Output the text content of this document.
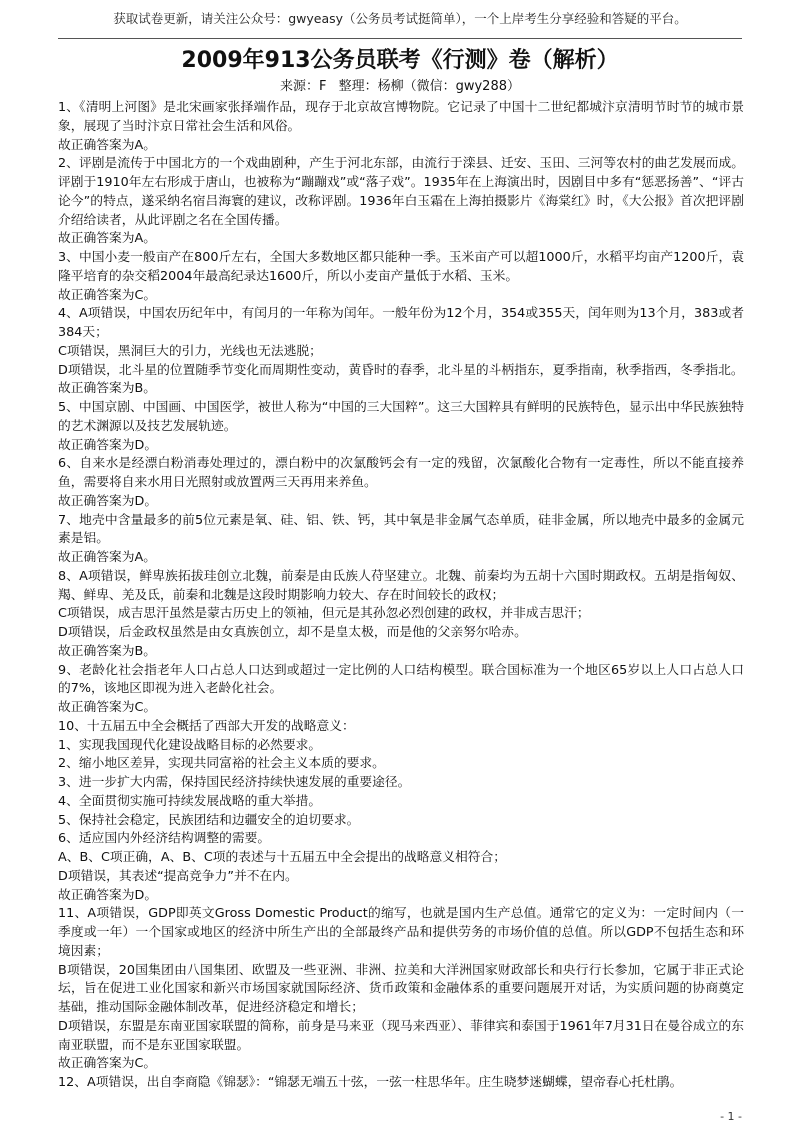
获取试卷更新，请关注公众号：gwyeasy（公务员考试挺简单），一个上岸考生分享经验和答疑的平台。
2009年913公务员联考《行测》卷（解析）
来源：F 整理：杨柳（微信：gwy288）

1、《清明上河图》是北宋画家张择端作品，现存于北京故宫博物院。它记录了中国十二世纪都城汴京清明节时节的城市景象，展现了当时汴京日常社会生活和风俗。

故正确答案为A。

2、评剧是流传于中国北方的一个戏曲剧种，产生于河北东部，由流行于滦县、迁安、玉田、三河等农村的曲艺发展而成。评剧于1910年左右形成于唐山，也被称为“蹦蹦戏”或“落子戏”。1935年在上海演出时，因剧目中多有“惩恶扬善”、“评古论今”的特点，遂采纳名宿吕海寰的建议，改称评剧。1936年白玉霜在上海拍摄影片《海棠红》时，《大公报》首次把评剧介绍给读者，从此评剧之名在全国传播。

故正确答案为A。

3、中国小麦一般亩产在800斤左右，全国大多数地区都只能种一季。玉米亩产可以超1000斤，水稻平均亩产1200斤，袁隆平培育的杂交稻2004年最高纪录达1600斤，所以小麦亩产量低于水稻、玉米。

故正确答案为C。

4、A项错误，中国农历纪年中，有闰月的一年称为闰年。一般年份为12个月，354或355天，闰年则为13个月，383或者384天；

C项错误，黑洞巨大的引力，光线也无法逃脱；

D项错误，北斗星的位置随季节变化而周期性变动，黄昏时的春季，北斗星的斗柄指东，夏季指南，秋季指西，冬季指北。

故正确答案为B。

5、中国京剧、中国画、中国医学，被世人称为“中国的三大国粹”。这三大国粹具有鲜明的民族特色，显示出中华民族独特的艺术渊源以及技艺发展轨迹。

故正确答案为D。

6、自来水是经漂白粉消毒处理过的，漂白粉中的次氯酸钙会有一定的残留，次氯酸化合物有一定毒性，所以不能直接养鱼，需要将自来水用日光照射或放置两三天再用来养鱼。

故正确答案为D。

7、地壳中含量最多的前5位元素是氧、硅、铝、铁、钙，其中氧是非金属气态单质，硅非金属，所以地壳中最多的金属元素是铝。

故正确答案为A。

8、A项错误，鲜卑族拓拔珪创立北魏，前秦是由氐族人苻坚建立。北魏、前秦均为五胡十六国时期政权。五胡是指匈奴、羯、鲜卑、羌及氐，前秦和北魏是这段时期影响力较大、存在时间较长的政权；

C项错误，成吉思汗虽然是蒙古历史上的领袖，但元是其孙忽必烈创建的政权，并非成吉思汗；

D项错误，后金政权虽然是由女真族创立，却不是皇太极，而是他的父亲努尔哈赤。

故正确答案为B。

9、老龄化社会指老年人口占总人口达到或超过一定比例的人口结构模型。联合国标准为一个地区65岁以上人口占总人口的7%，该地区即视为进入老龄化社会。

故正确答案为C。

10、十五届五中全会概括了西部大开发的战略意义：

1、实现我国现代化建设战略目标的必然要求。

2、缩小地区差异，实现共同富裕的社会主义本质的要求。

3、进一步扩大内需，保持国民经济持续快速发展的重要途径。

4、全面贯彻实施可持续发展战略的重大举措。

5、保持社会稳定，民族团结和边疆安全的迫切要求。

6、适应国内外经济结构调整的需要。

A、B、C项正确，A、B、C项的表述与十五届五中全会提出的战略意义相符合；

D项错误，其表述“提高竞争力”并不在内。

故正确答案为D。

11、A项错误，GDP即英文Gross Domestic Product的缩写，也就是国内生产总值。通常它的定义为：一定时间内（一季度或一年）一个国家或地区的经济中所生产出的全部最终产品和提供劳务的市场价值的总值。所以GDP不包括生态和环境因素；

B项错误，20国集团由八国集团、欧盟及一些亚洲、非洲、拉美和大洋洲国家财政部长和央行行长参加，它属于非正式论坛，旨在促进工业化国家和新兴市场国家就国际经济、货币政策和金融体系的重要问题展开对话，为实质问题的协商奠定基础，推动国际金融体制改革，促进经济稳定和增长；

D项错误，东盟是东南亚国家联盟的简称，前身是马来亚（现马来西亚）、菲律宾和泰国于1961年7月31日在曼谷成立的东南亚联盟，而不是东亚国家联盟。

故正确答案为C。

12、A项错误，出自李商隐《锦瑟》：“锦瑟无端五十弦，一弦一柱思华年。庄生晓梦迷蝴蝶，望帝春心托杜鹃。

- 1 -
